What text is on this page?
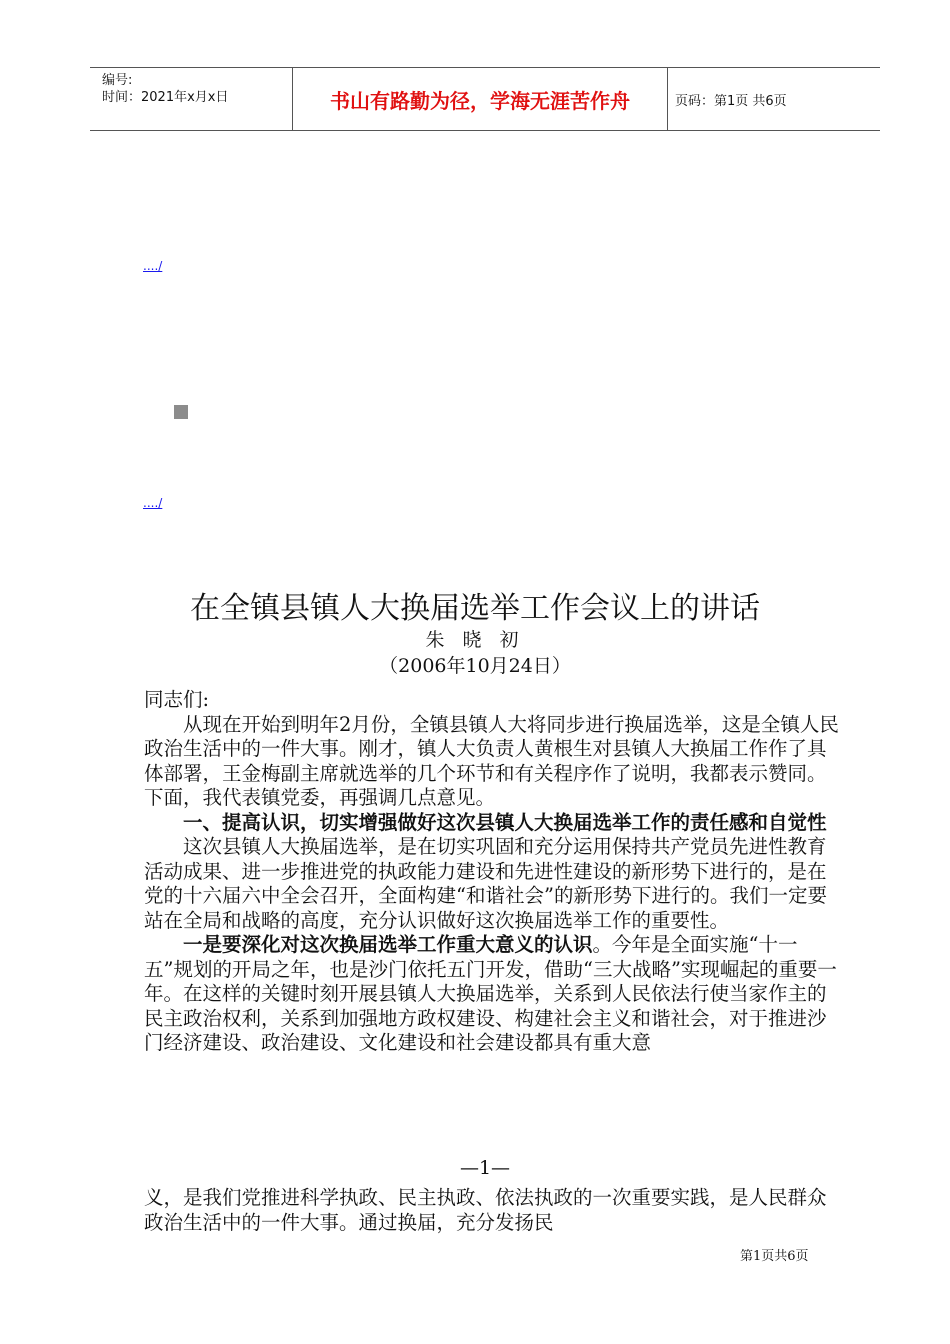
编号:
时间：2021年x月x日	书山有路勤为径，学海无涯苦作舟	页码：第1页 共6页
..../
..../
在全镇县镇人大换届选举工作会议上的讲话
朱 晓 初
（2006年10月24日）

同志们:

从现在开始到明年2月份，全镇县镇人大将同步进行换届选举，这是全镇人民政治生活中的一件大事。刚才，镇人大负责人黄根生对县镇人大换届工作作了具体部署，王金梅副主席就选举的几个环节和有关程序作了说明，我都表示赞同。下面，我代表镇党委，再强调几点意见。

一、提高认识，切实增强做好这次县镇人大换届选举工作的责任感和自觉性

这次县镇人大换届选举，是在切实巩固和充分运用保持共产党员先进性教育活动成果、进一步推进党的执政能力建设和先进性建设的新形势下进行的，是在党的十六届六中全会召开，全面构建“和谐社会”的新形势下进行的。我们一定要站在全局和战略的高度，充分认识做好这次换届选举工作的重要性。

一是要深化对这次换届选举工作重大意义的认识。今年是全面实施“十一五”规划的开局之年，也是沙门依托五门开发，借助“三大战略”实现崛起的重要一年。在这样的关键时刻开展县镇人大换届选举，关系到人民依法行使当家作主的民主政治权利，关系到加强地方政权建设、构建社会主义和谐社会，对于推进沙门经济建设、政治建设、文化建设和社会建设都具有重大意

—1—

义，是我们党推进科学执政、民主执政、依法执政的一次重要实践，是人民群众政治生活中的一件大事。通过换届，充分发扬民

第1页共6页
